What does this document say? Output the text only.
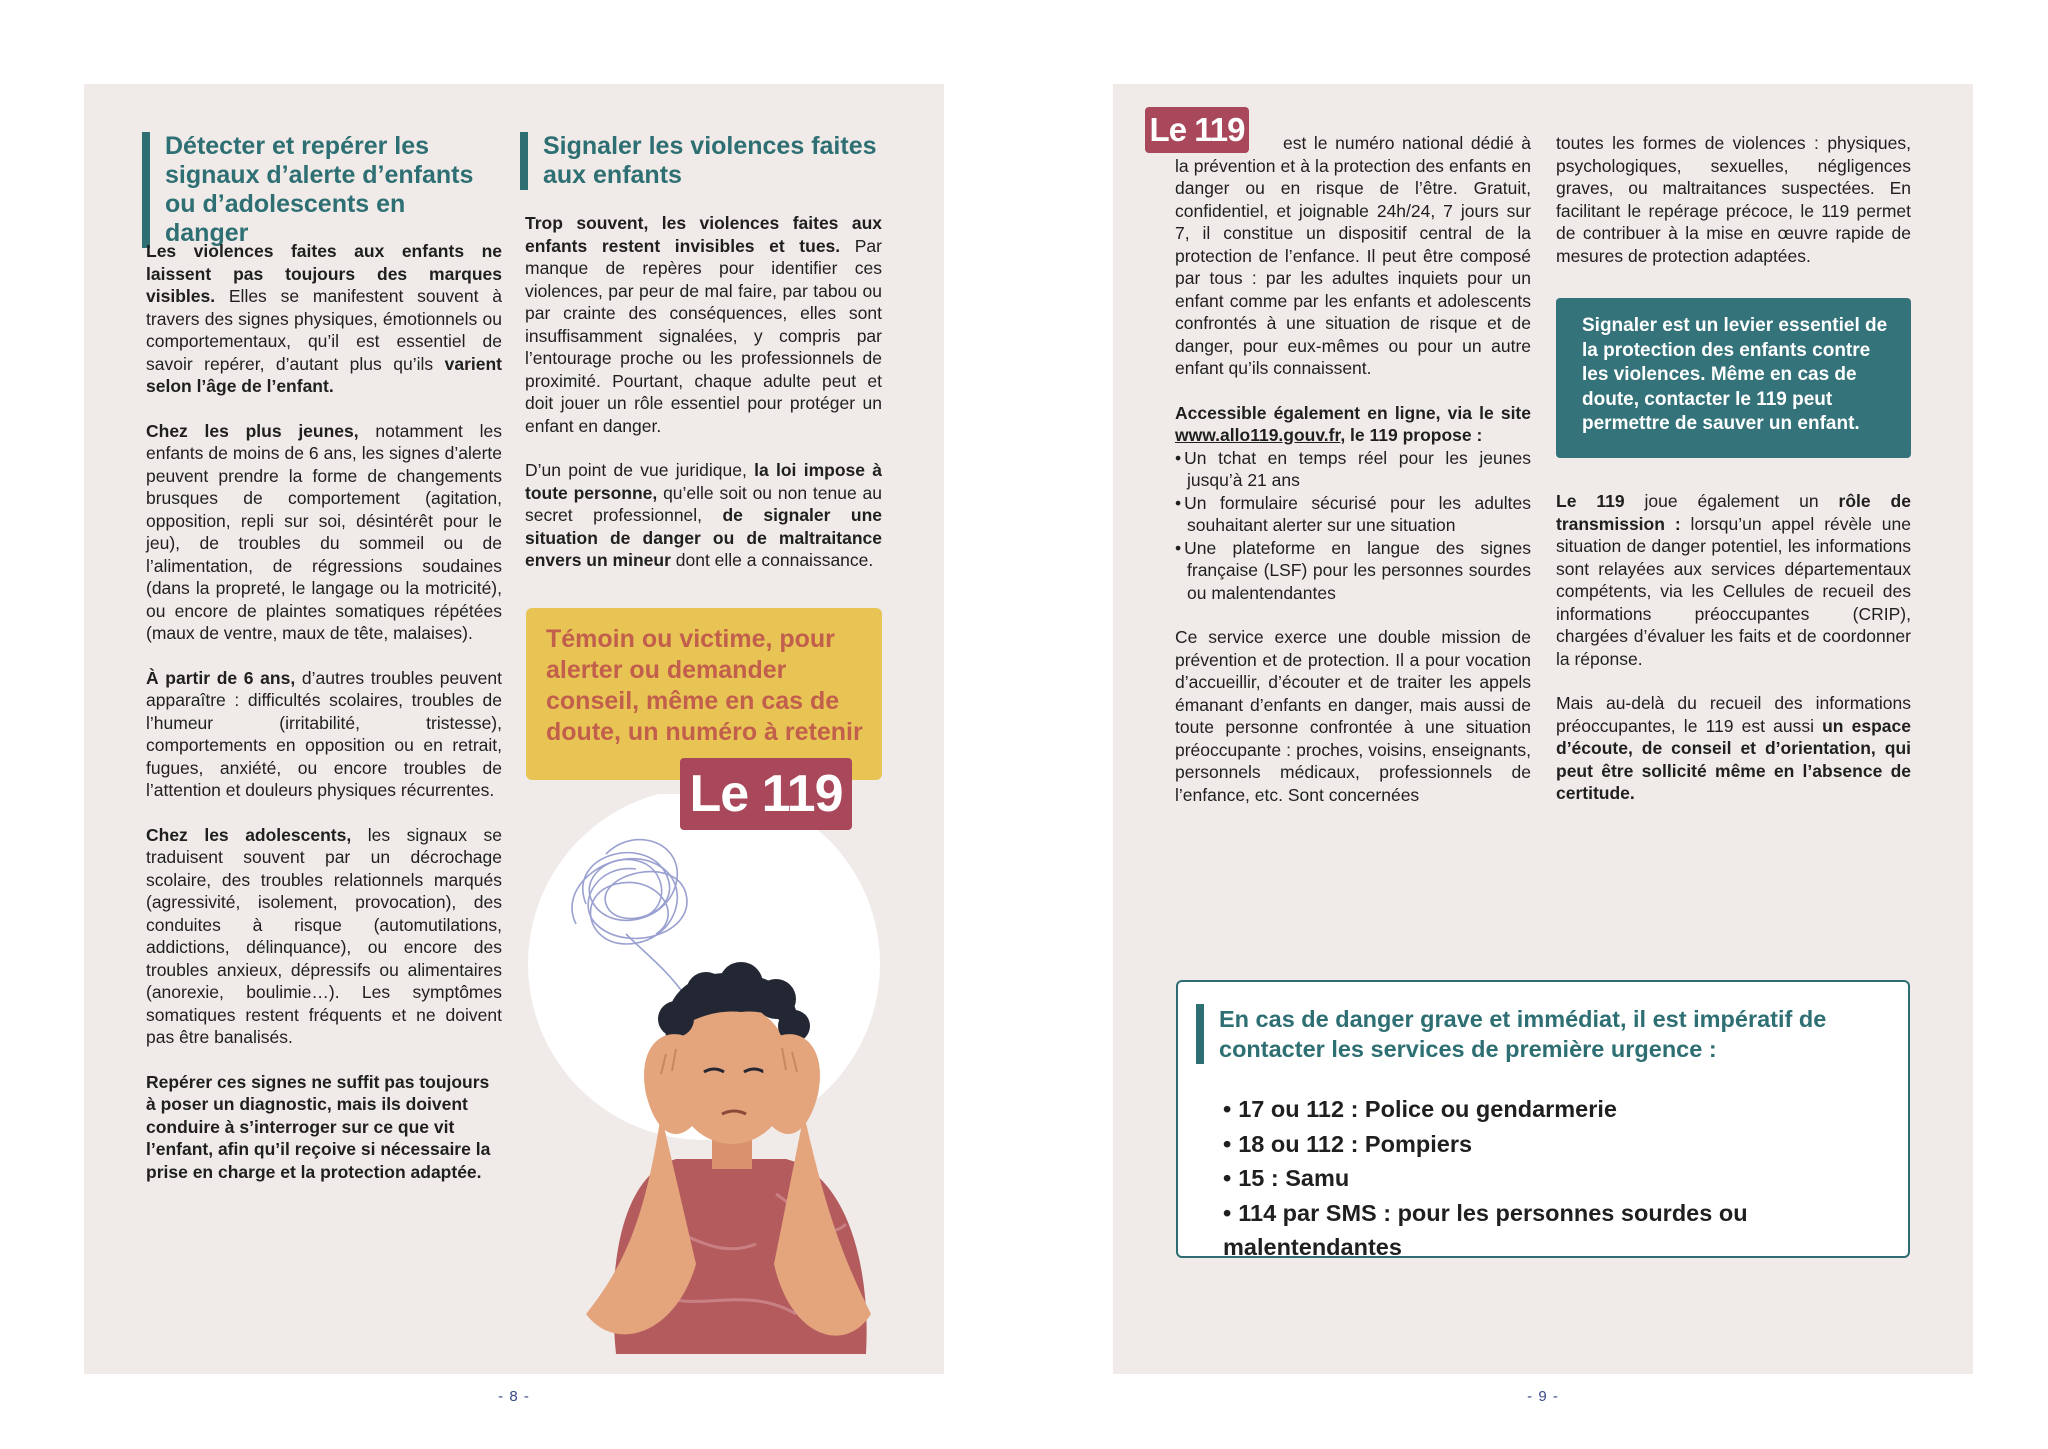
Détecter et repérer les signaux d’alerte d’enfants ou d’adolescents en danger

Les violences faites aux enfants ne laissent pas toujours des marques visibles. Elles se manifestent souvent à travers des signes physiques, émotionnels ou comportementaux, qu’il est essentiel de savoir repérer, d’autant plus qu’ils varient selon l’âge de l’enfant.

Chez les plus jeunes, notamment les enfants de moins de 6 ans, les signes d’alerte peuvent prendre la forme de changements brusques de comportement (agitation, opposition, repli sur soi, désintérêt pour le jeu), de troubles du sommeil ou de l’alimentation, de régressions soudaines (dans la propreté, le langage ou la motricité), ou encore de plaintes somatiques répétées (maux de ventre, maux de tête, malaises).

À partir de 6 ans, d’autres troubles peuvent apparaître : difficultés scolaires, troubles de l’humeur (irritabilité, tristesse), comportements en opposition ou en retrait, fugues, anxiété, ou encore troubles de l’attention et douleurs physiques récurrentes.

Chez les adolescents, les signaux se traduisent souvent par un décrochage scolaire, des troubles relationnels marqués (agressivité, isolement, provocation), des conduites à risque (automutilations, addictions, délinquance), ou encore des troubles anxieux, dépressifs ou alimentaires (anorexie, boulimie…). Les symptômes somatiques restent fréquents et ne doivent pas être banalisés.

Repérer ces signes ne suffit pas toujours à poser un diagnostic, mais ils doivent conduire à s’interroger sur ce que vit l’enfant, afin qu’il reçoive si nécessaire la prise en charge et la protection adaptée.

Signaler les violences faites aux enfants

Trop souvent, les violences faites aux enfants restent invisibles et tues. Par manque de repères pour identifier ces violences, par peur de mal faire, par tabou ou par crainte des conséquences, elles sont insuffisamment signalées, y compris par l’entourage proche ou les professionnels de proximité. Pourtant, chaque adulte peut et doit jouer un rôle essentiel pour protéger un enfant en danger.

D’un point de vue juridique, la loi impose à toute personne, qu’elle soit ou non tenue au secret professionnel, de signaler une situation de danger ou de maltraitance envers un mineur dont elle a connaissance.

Témoin ou victime, pour alerter ou demander conseil, même en cas de doute, un numéro à retenir
Le 119
- 8 -
Le 119	est le numéro national dédié à la prévention et à la protection des enfants en danger ou en risque de l’être. Gratuit, confidentiel, et joignable 24h/24, 7 jours sur 7, il constitue un dispositif central de la protection de l’enfance. Il peut être composé par tous : par les adultes inquiets pour un enfant comme par les enfants et adolescents confrontés à une situation de risque et de danger, pour eux-mêmes ou pour un autre enfant qu’ils connaissent.

Accessible également en ligne, via le site www.allo119.gouv.fr, le 119 propose :

• Un tchat en temps réel pour les jeunes jusqu’à 21 ans
• Un formulaire sécurisé pour les adultes souhaitant alerter sur une situation
• Une plateforme en langue des signes française (LSF) pour les personnes sourdes ou malentendantes

Ce service exerce une double mission de prévention et de protection. Il a pour vocation d’accueillir, d’écouter et de traiter les appels émanant d’enfants en danger, mais aussi de toute personne confrontée à une situation préoccupante : proches, voisins, enseignants, personnels médicaux, professionnels de l’enfance, etc. Sont concernées

toutes les formes de violences : physiques, psychologiques, sexuelles, négligences graves, ou maltraitances suspectées. En facilitant le repérage précoce, le 119 permet de contribuer à la mise en œuvre rapide de mesures de protection adaptées.

Signaler est un levier essentiel de la protection des enfants contre les violences. Même en cas de doute, contacter le 119 peut permettre de sauver un enfant.

Le 119 joue également un rôle de transmission : lorsqu’un appel révèle une situation de danger potentiel, les informations sont relayées aux services départementaux compétents, via les Cellules de recueil des informations préoccupantes (CRIP), chargées d’évaluer les faits et de coordonner la réponse.

Mais au-delà du recueil des informations préoccupantes, le 119 est aussi un espace d’écoute, de conseil et d’orientation, qui peut être sollicité même en l’absence de certitude.

En cas de danger grave et immédiat, il est impératif de contacter les services de première urgence :
• 17 ou 112 : Police ou gendarmerie
• 18 ou 112 : Pompiers
• 15 : Samu
• 114 par SMS : pour les personnes sourdes ou malentendantes
- 9 -
